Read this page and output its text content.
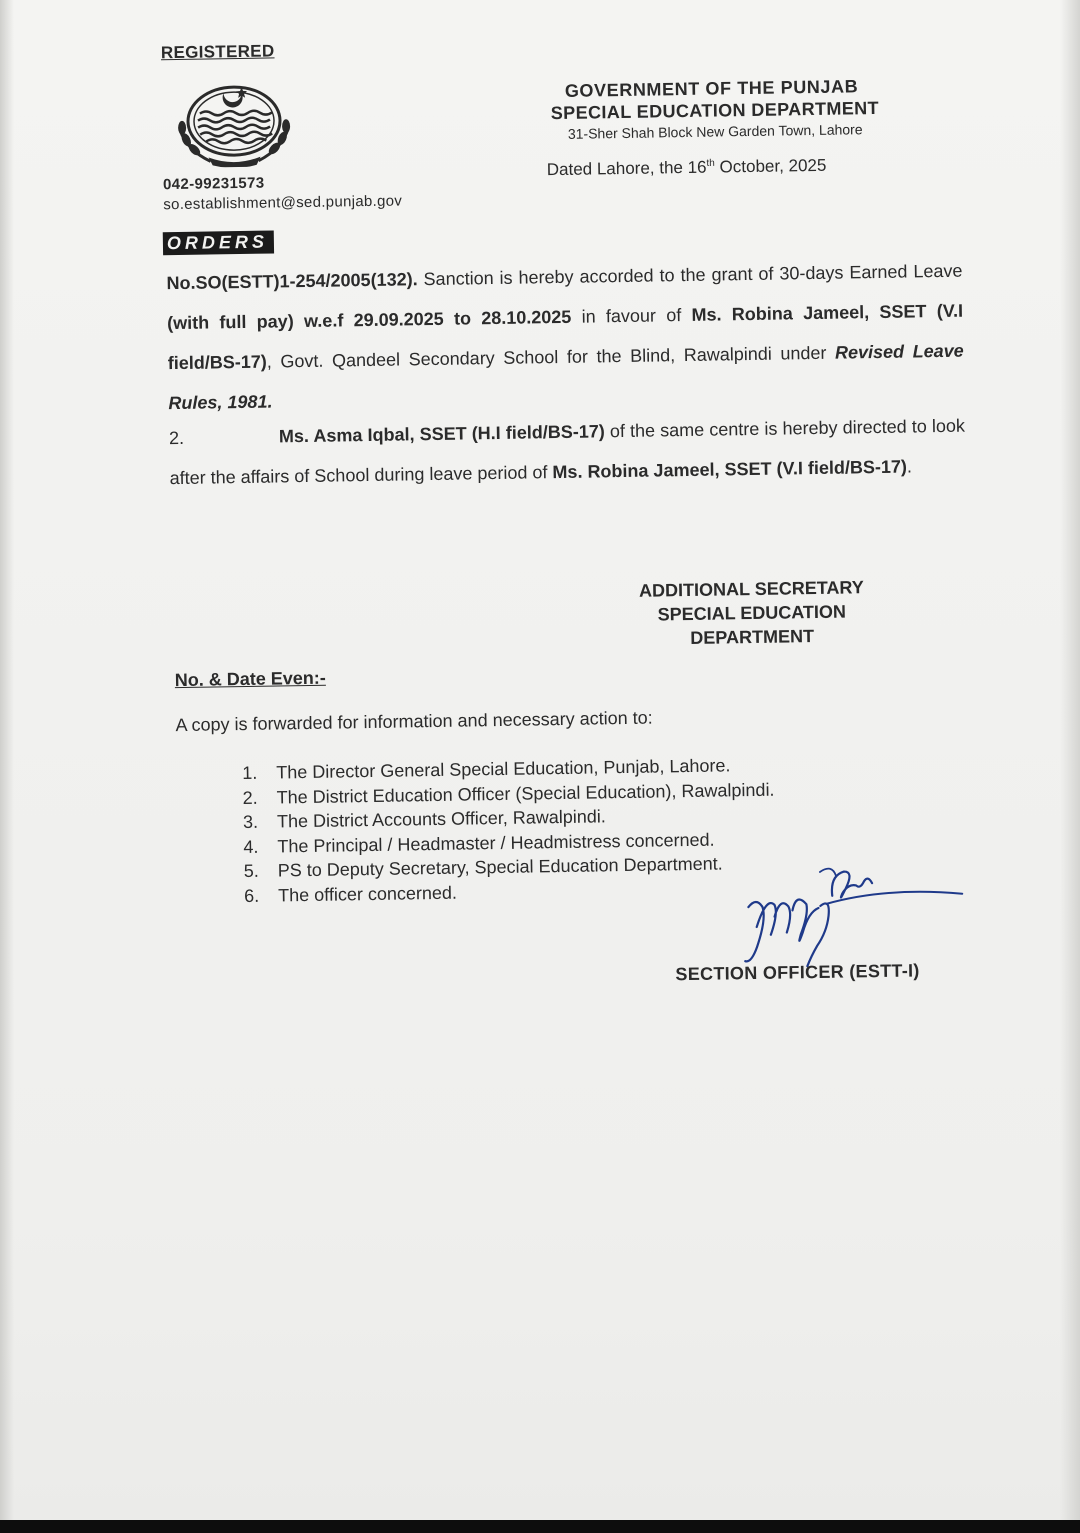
REGISTERED
042-99231573
so.establishment@sed.punjab.gov
GOVERNMENT OF THE PUNJAB
SPECIAL EDUCATION DEPARTMENT
31-Sher Shah Block New Garden Town, Lahore
Dated Lahore, the 16th October, 2025
ORDERS
No.SO(ESTT)1-254/2005(132). Sanction is hereby accorded to the grant of 30-days Earned Leave (with full pay) w.e.f 29.09.2025 to 28.10.2025 in favour of Ms. Robina Jameel, SSET (V.I field/BS-17), Govt. Qandeel Secondary School for the Blind, Rawalpindi under Revised Leave Rules, 1981.
2.	Ms. Asma Iqbal, SSET (H.I field/BS-17) of the same centre is hereby directed to look after the affairs of School during leave period of Ms. Robina Jameel, SSET (V.I field/BS-17).
ADDITIONAL SECRETARY
SPECIAL EDUCATION
DEPARTMENT
No. & Date Even:-
A copy is forwarded for information and necessary action to:
1. The Director General Special Education, Punjab, Lahore.
2. The District Education Officer (Special Education), Rawalpindi.
3. The District Accounts Officer, Rawalpindi.
4. The Principal / Headmaster / Headmistress concerned.
5. PS to Deputy Secretary, Special Education Department.
6. The officer concerned.
SECTION OFFICER (ESTT-I)
